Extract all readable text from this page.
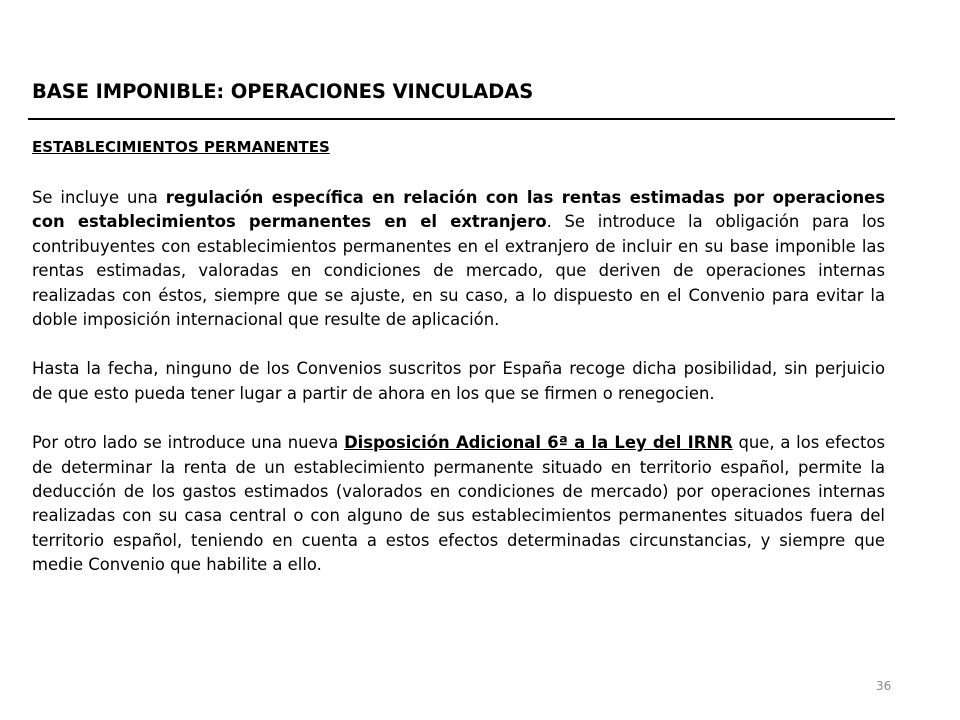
BASE IMPONIBLE: OPERACIONES VINCULADAS
ESTABLECIMIENTOS PERMANENTES

Se incluye una regulación específica en relación con las rentas estimadas por operaciones con establecimientos permanentes en el extranjero. Se introduce la obligación para los contribuyentes con establecimientos permanentes en el extranjero de incluir en su base imponible las rentas estimadas, valoradas en condiciones de mercado, que deriven de operaciones internas realizadas con éstos, siempre que se ajuste, en su caso, a lo dispuesto en el Convenio para evitar la doble imposición internacional que resulte de aplicación.

Hasta la fecha, ninguno de los Convenios suscritos por España recoge dicha posibilidad, sin perjuicio de que esto pueda tener lugar a partir de ahora en los que se firmen o renegocien.

Por otro lado se introduce una nueva Disposición Adicional 6ª a la Ley del IRNR que, a los efectos de determinar la renta de un establecimiento permanente situado en territorio español, permite la deducción de los gastos estimados (valorados en condiciones de mercado) por operaciones internas realizadas con su casa central o con alguno de sus establecimientos permanentes situados fuera del territorio español, teniendo en cuenta a estos efectos determinadas circunstancias, y siempre que medie Convenio que habilite a ello.

36
